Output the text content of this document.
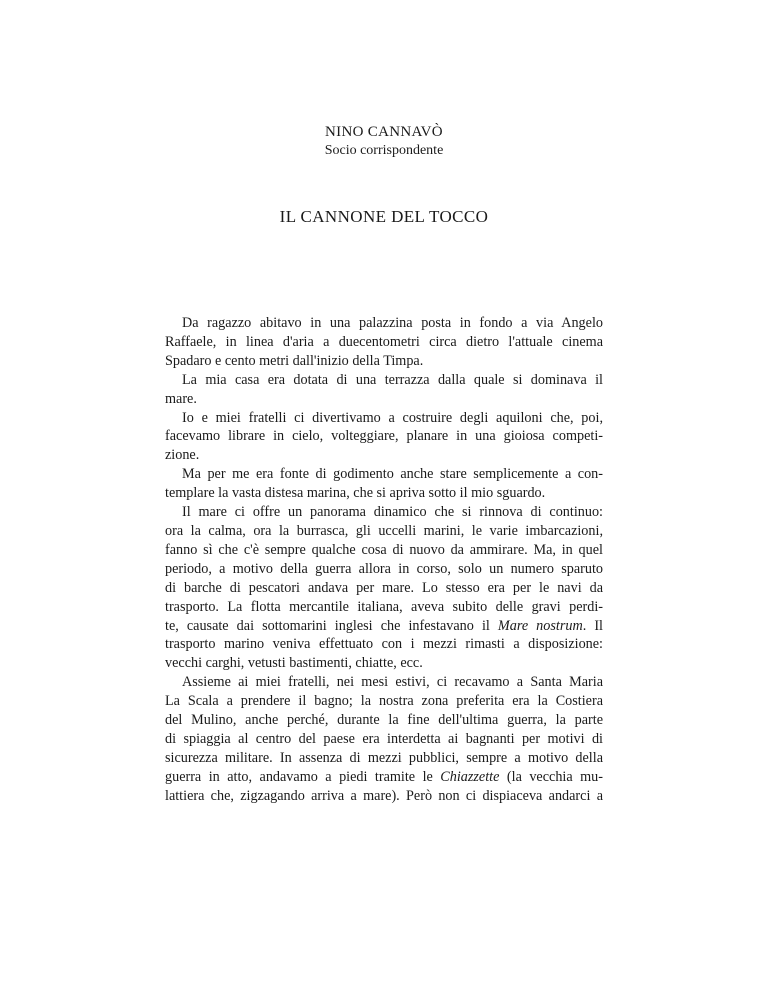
NINO CANNAVÒ
Socio corrispondente
IL CANNONE DEL TOCCO

Da ragazzo abitavo in una palazzina posta in fondo a via Angelo
Raffaele, in linea d'aria a duecentometri circa dietro l'attuale cinema
Spadaro e cento metri dall'inizio della Timpa.

La mia casa era dotata di una terrazza dalla quale si dominava il
mare.

Io e miei fratelli ci divertivamo a costruire degli aquiloni che, poi,
facevamo librare in cielo, volteggiare, planare in una gioiosa competi-
zione.

Ma per me era fonte di godimento anche stare semplicemente a con-
templare la vasta distesa marina, che si apriva sotto il mio sguardo.

Il mare ci offre un panorama dinamico che si rinnova di continuo:
ora la calma, ora la burrasca, gli uccelli marini, le varie imbarcazioni,
fanno sì che c'è sempre qualche cosa di nuovo da ammirare. Ma, in quel
periodo, a motivo della guerra allora in corso, solo un numero sparuto
di barche di pescatori andava per mare. Lo stesso era per le navi da
trasporto. La flotta mercantile italiana, aveva subito delle gravi perdi-
te, causate dai sottomarini inglesi che infestavano il Mare nostrum. Il
trasporto marino veniva effettuato con i mezzi rimasti a disposizione:
vecchi carghi, vetusti bastimenti, chiatte, ecc.

Assieme ai miei fratelli, nei mesi estivi, ci recavamo a Santa Maria
La Scala a prendere il bagno; la nostra zona preferita era la Costiera
del Mulino, anche perché, durante la fine dell'ultima guerra, la parte
di spiaggia al centro del paese era interdetta ai bagnanti per motivi di
sicurezza militare. In assenza di mezzi pubblici, sempre a motivo della
guerra in atto, andavamo a piedi tramite le Chiazzette (la vecchia mu-
lattiera che, zigzagando arriva a mare). Però non ci dispiaceva andarci a
